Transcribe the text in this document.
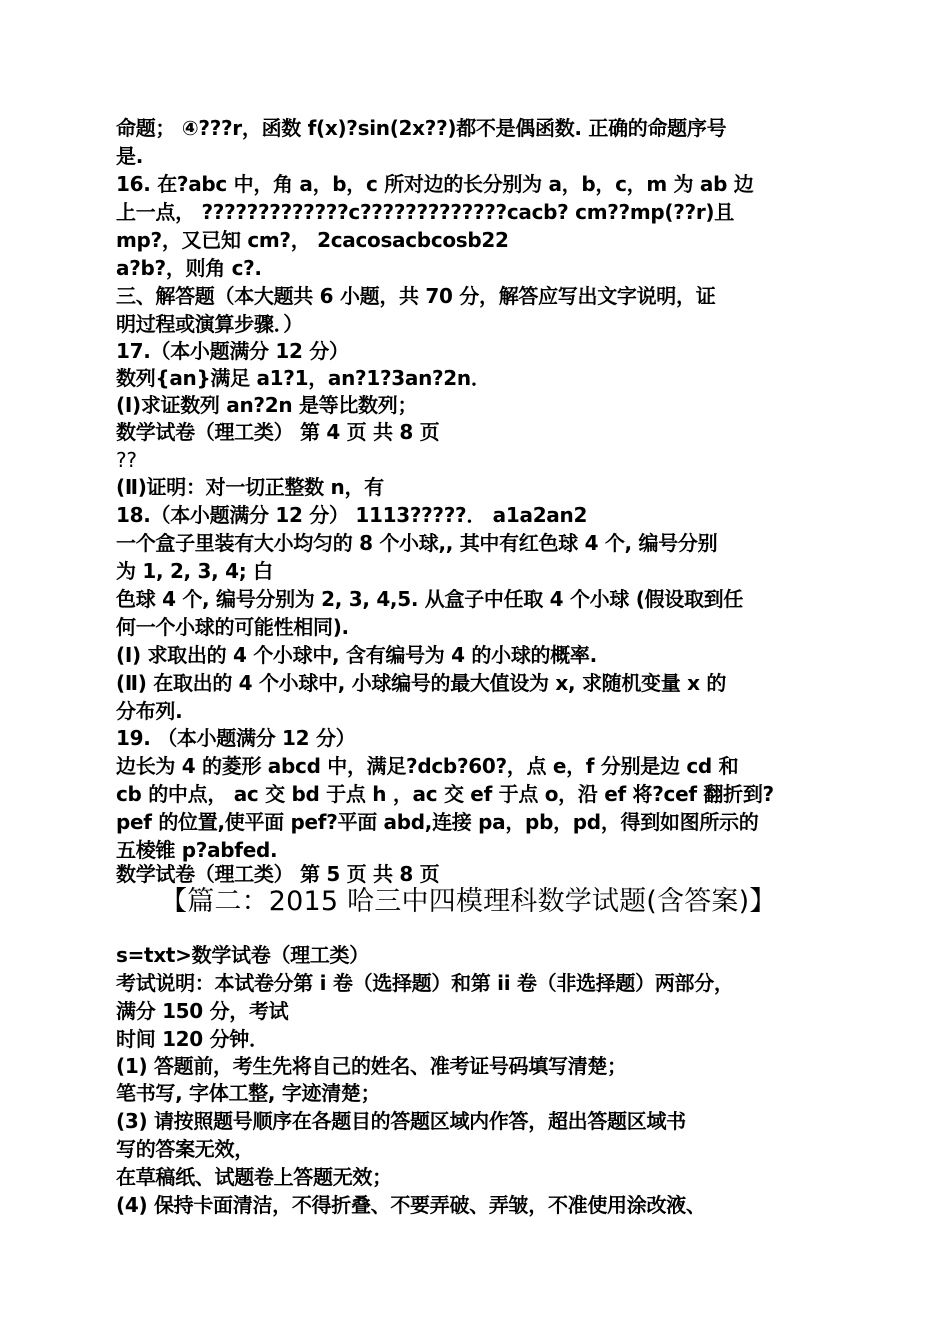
命题； ④???r，函数 f(x)?sin(2x??)都不是偶函数. 正确的命题序号
是.
16. 在?abc 中，角 a，b，c 所对边的长分别为 a，b，c，m 为 ab 边
上一点， ?????????????c?????????????cacb? cm??mp(??r)且
mp?，又已知 cm?， 2cacosacbcosb22
a?b?，则角 c?.
三、解答题（本大题共 6 小题，共 70 分，解答应写出文字说明，证
明过程或演算步骤．）
17.（本小题满分 12 分）
数列{an}满足 a1?1，an?1?3an?2n．
(Ⅰ)求证数列 an?2n 是等比数列；
数学试卷（理工类） 第 4 页 共 8 页
??
(Ⅱ)证明：对一切正整数 n，有
18.（本小题满分 12 分） 1113?????． a1a2an2
一个盒子里装有大小均匀的 8 个小球,, 其中有红色球 4 个, 编号分别
为 1, 2, 3, 4; 白
色球 4 个, 编号分别为 2, 3, 4,5. 从盒子中任取 4 个小球 (假设取到任
何一个小球的可能性相同).
(Ⅰ) 求取出的 4 个小球中, 含有编号为 4 的小球的概率.
(Ⅱ) 在取出的 4 个小球中, 小球编号的最大值设为 x, 求随机变量 x 的
分布列.
19. （本小题满分 12 分）
边长为 4 的菱形 abcd 中，满足?dcb?60?，点 e，f 分别是边 cd 和
cb 的中点， ac 交 bd 于点 h ，ac 交 ef 于点 o，沿 ef 将?cef 翻折到?
pef 的位置,使平面 pef?平面 abd,连接 pa，pb，pd，得到如图所示的
五棱锥 p?abfed.
数学试卷（理工类） 第 5 页 共 8 页
【篇二：2015 哈三中四模理科数学试题(含答案)】
s=txt>数学试卷（理工类）
考试说明：本试卷分第 i 卷（选择题）和第 ii 卷（非选择题）两部分，
满分 150 分，考试
时间 120 分钟．
(1) 答题前，考生先将自己的姓名、准考证号码填写清楚；
笔书写, 字体工整, 字迹清楚；
(3) 请按照题号顺序在各题目的答题区域内作答，超出答题区域书
写的答案无效，
在草稿纸、试题卷上答题无效；
(4) 保持卡面清洁，不得折叠、不要弄破、弄皱，不准使用涂改液、
